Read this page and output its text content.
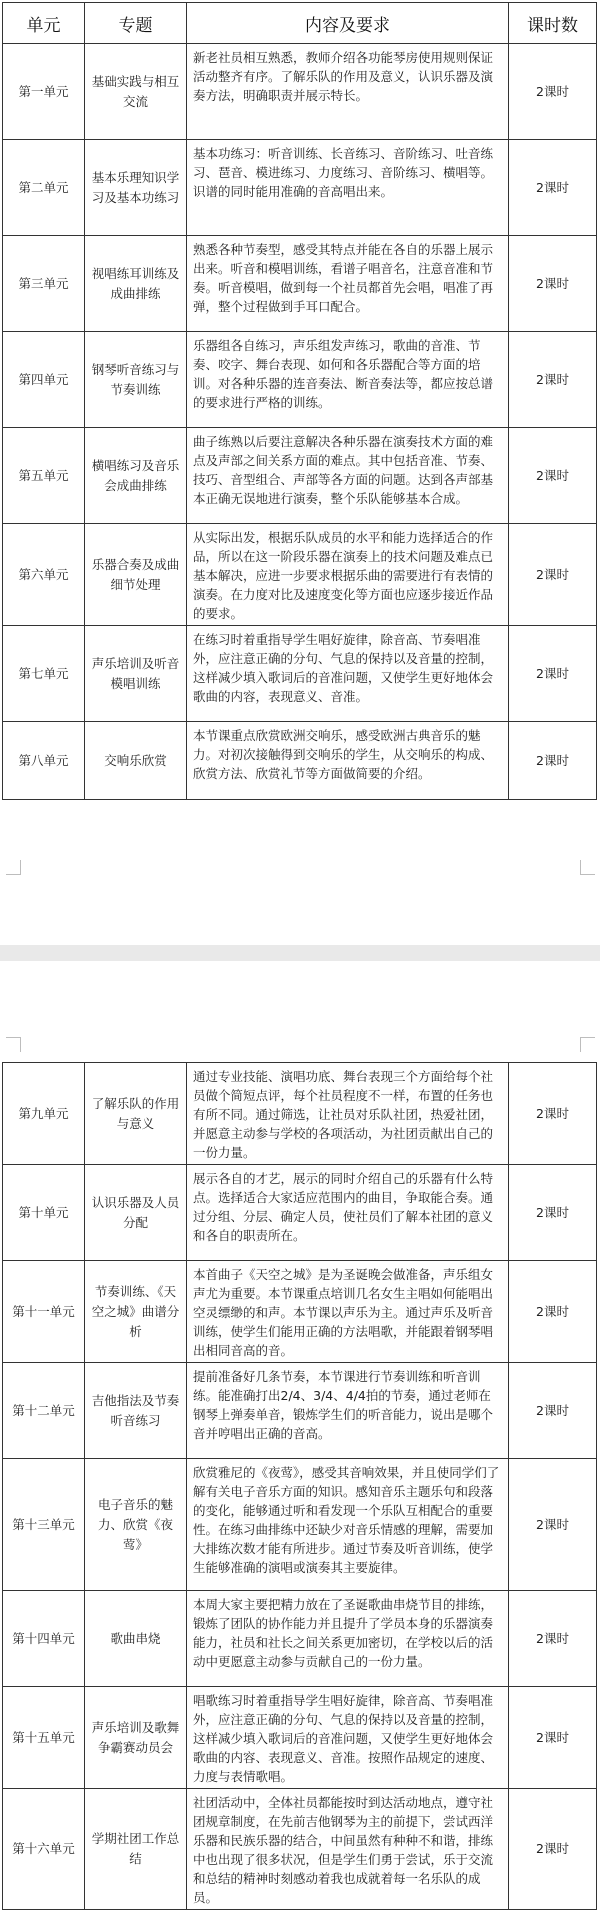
单元	专题	内容及要求	课时数
第一单元	基础实践与相互交流	新老社员相互熟悉，教师介绍各功能琴房使用规则保证活动整齐有序。了解乐队的作用及意义，认识乐器及演奏方法，明确职责并展示特长。	2课时
第二单元	基本乐理知识学习及基本功练习	基本功练习：听音训练、长音练习、音阶练习、吐音练习、琶音、模进练习、力度练习、音阶练习、横唱等。识谱的同时能用准确的音高唱出来。	2课时
第三单元	视唱练耳训练及成曲排练	熟悉各种节奏型，感受其特点并能在各自的乐器上展示出来。听音和模唱训练，看谱子唱音名，注意音准和节奏。听音模唱，做到每一个社员都首先会唱，唱准了再弹，整个过程做到手耳口配合。	2课时
第四单元	钢琴听音练习与节奏训练	乐器组各自练习，声乐组发声练习，歌曲的音准、节奏、咬字、舞台表现、如何和各乐器配合等方面的培训。对各种乐器的连音奏法、断音奏法等，都应按总谱的要求进行严格的训练。	2课时
第五单元	横唱练习及音乐会成曲排练	曲子练熟以后要注意解决各种乐器在演奏技术方面的难点及声部之间关系方面的难点。其中包括音准、节奏、技巧、音型组合、声部等各方面的问题。达到各声部基本正确无误地进行演奏，整个乐队能够基本合成。	2课时
第六单元	乐器合奏及成曲细节处理	从实际出发，根据乐队成员的水平和能力选择适合的作品，所以在这一阶段乐器在演奏上的技术问题及难点已基本解决，应进一步要求根据乐曲的需要进行有表情的演奏。在力度对比及速度变化等方面也应逐步接近作品的要求。	2课时
第七单元	声乐培训及听音模唱训练	在练习时着重指导学生唱好旋律，除音高、节奏唱准外，应注意正确的分句、气息的保持以及音量的控制，这样减少填入歌词后的音准问题，又使学生更好地体会歌曲的内容，表现意义、音准。	2课时
第八单元	交响乐欣赏	本节课重点欣赏欧洲交响乐，感受欧洲古典音乐的魅力。对初次接触得到交响乐的学生，从交响乐的构成、欣赏方法、欣赏礼节等方面做简要的介绍。	2课时
第九单元	了解乐队的作用与意义	通过专业技能、演唱功底、舞台表现三个方面给每个社员做个简短点评，每个社员程度不一样，布置的任务也有所不同。通过筛选，让社员对乐队社团，热爱社团，并愿意主动参与学校的各项活动，为社团贡献出自己的一份力量。	2课时
第十单元	认识乐器及人员分配	展示各自的才艺，展示的同时介绍自己的乐器有什么特点。选择适合大家适应范围内的曲目，争取能合奏。通过分组、分层、确定人员，使社员们了解本社团的意义和各自的职责所在。	2课时
第十一单元	节奏训练、《天空之城》曲谱分析	本首曲子《天空之城》是为圣诞晚会做准备，声乐组女声尤为重要。本节课重点培训几名女生主唱如何能唱出空灵缥缈的和声。本节课以声乐为主。通过声乐及听音训练，使学生们能用正确的方法唱歌，并能跟着钢琴唱出相同音高的音。	2课时
第十二单元	吉他指法及节奏听音练习	提前准备好几条节奏，本节课进行节奏训练和听音训练。能准确打出2/4、3/4、4/4拍的节奏，通过老师在钢琴上弹奏单音，锻炼学生们的听音能力，说出是哪个音并哼唱出正确的音高。	2课时
第十三单元	电子音乐的魅力、欣赏《夜莺》	欣赏雅尼的《夜莺》，感受其音响效果，并且使同学们了解有关电子音乐方面的知识。感知音乐主题乐句和段落的变化，能够通过听和看发现一个乐队互相配合的重要性。在练习曲排练中还缺少对音乐情感的理解，需要加大排练次数才能有所进步。通过节奏及听音训练，使学生能够准确的演唱或演奏其主要旋律。	2课时
第十四单元	歌曲串烧	本周大家主要把精力放在了圣诞歌曲串烧节目的排练，锻炼了团队的协作能力并且提升了学员本身的乐器演奏能力，社员和社长之间关系更加密切，在学校以后的活动中更愿意主动参与贡献自己的一份力量。	2课时
第十五单元	声乐培训及歌舞争霸赛动员会	唱歌练习时着重指导学生唱好旋律，除音高、节奏唱准外，应注意正确的分句、气息的保持以及音量的控制，这样减少填入歌词后的音准问题，又使学生更好地体会歌曲的内容、表现意义、音准。按照作品规定的速度、力度与表情歌唱。	2课时
第十六单元	学期社团工作总结	社团活动中，全体社员都能按时到达活动地点，遵守社团规章制度，在先前吉他钢琴为主的前提下，尝试西洋乐器和民族乐器的结合，中间虽然有种种不和谐，排练中也出现了很多状况，但是学生们勇于尝试，乐于交流和总结的精神时刻感动着我也成就着每一名乐队的成员。	2课时
